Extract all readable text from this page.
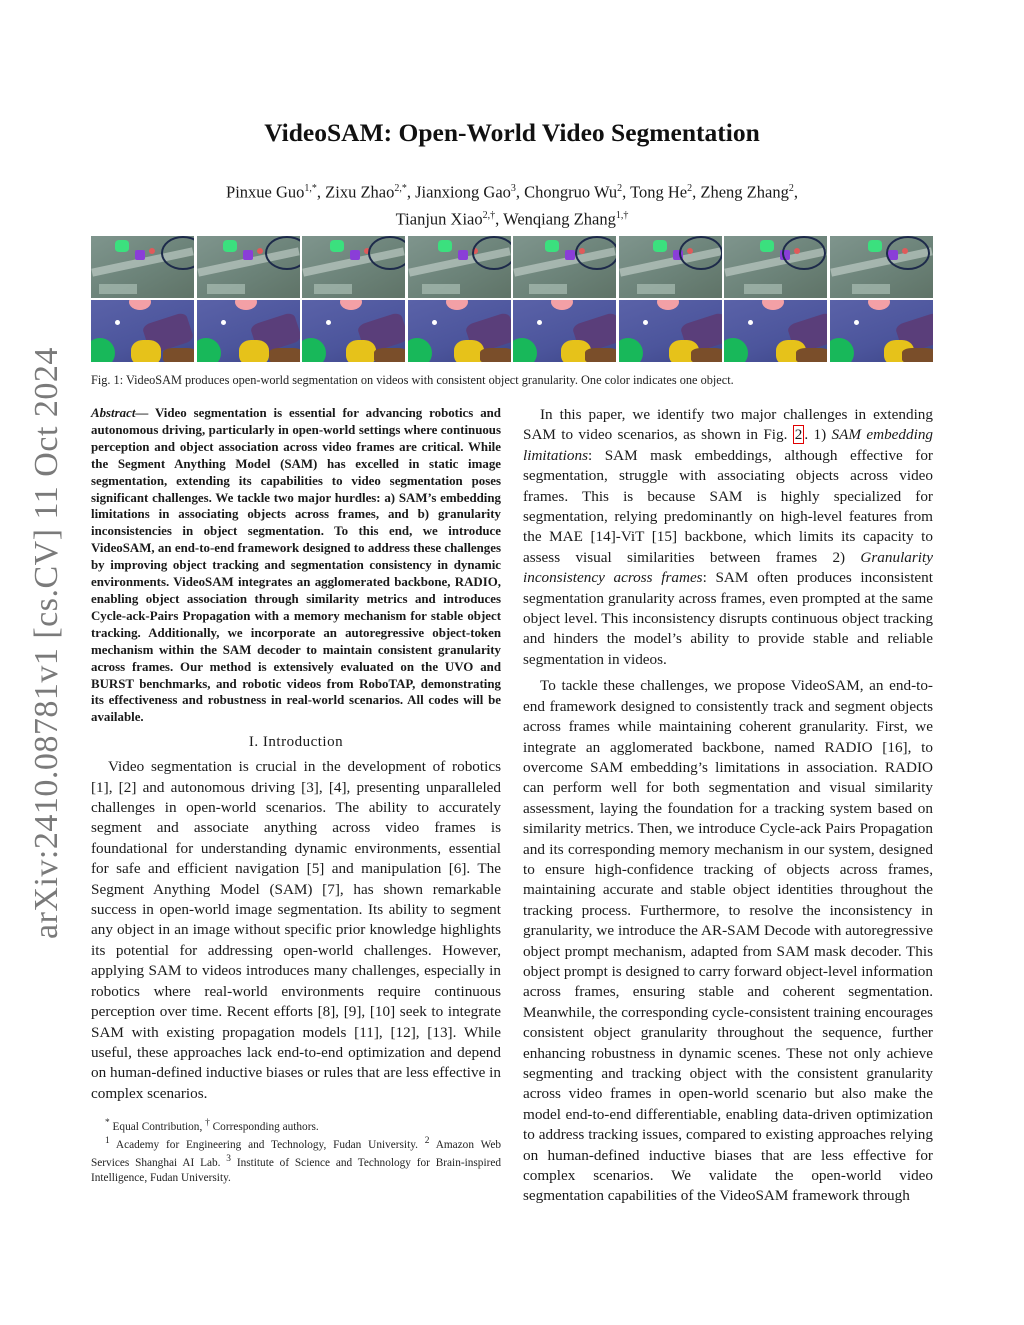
arXiv:2410.08781v1 [cs.CV] 11 Oct 2024
VideoSAM: Open-World Video Segmentation
Pinxue Guo$^{1,*}$, Zixu Zhao$^{2,*}$, Jianxiong Gao$^3$, Chongruo Wu$^2$, Tong He$^2$, Zheng Zhang$^2$,
Tianjun Xiao$^{2,\dagger}$, Wenqiang Zhang$^{1,\dagger}$
Fig. 1: VideoSAM produces open-world segmentation on videos with consistent object granularity. One color indicates one object.

Abstract— Video segmentation is essential for advancing robotics and autonomous driving, particularly in open-world settings where continuous perception and object association across video frames are critical. While the Segment Anything Model (SAM) has excelled in static image segmentation, extending its capabilities to video segmentation poses significant challenges. We tackle two major hurdles: a) SAM’s embedding limitations in associating objects across frames, and b) granularity inconsistencies in object segmentation. To this end, we introduce VideoSAM, an end-to-end framework designed to address these challenges by improving object tracking and segmentation consistency in dynamic environments. VideoSAM integrates an agglomerated backbone, RADIO, enabling object association through similarity metrics and introduces Cycle-ack-Pairs Propagation with a memory mechanism for stable object tracking. Additionally, we incorporate an autoregressive object-token mechanism within the SAM decoder to maintain consistent granularity across frames. Our method is extensively evaluated on the UVO and BURST benchmarks, and robotic videos from RoboTAP, demonstrating its effectiveness and robustness in real-world scenarios. All codes will be available.

I. Introduction

Video segmentation is crucial in the development of robotics [1], [2] and autonomous driving [3], [4], presenting unparalleled challenges in open-world scenarios. The ability to accurately segment and associate anything across video frames is foundational for understanding dynamic environments, essential for safe and efficient navigation [5] and manipulation [6]. The Segment Anything Model (SAM) [7], has shown remarkable success in open-world image segmentation. Its ability to segment any object in an image without specific prior knowledge highlights its potential for addressing open-world challenges. However, applying SAM to videos introduces many challenges, especially in robotics where real-world environments require continuous perception over time. Recent efforts [8], [9], [10] seek to integrate SAM with existing propagation models [11], [12], [13]. While useful, these approaches lack end-to-end optimization and depend on human-defined inductive biases or rules that are less effective in complex scenarios.

* Equal Contribution, † Corresponding authors.

$^1$ Academy for Engineering and Technology, Fudan University. $^2$ Amazon Web Services Shanghai AI Lab. $^3$ Institute of Science and Technology for Brain-inspired Intelligence, Fudan University.

In this paper, we identify two major challenges in extending SAM to video scenarios, as shown in Fig. 2 . 1) SAM embedding limitations: SAM mask embeddings, although effective for segmentation, struggle with associating objects across video frames. This is because SAM is highly specialized for segmentation, relying predominantly on high-level features from the MAE [14]-ViT [15] backbone, which limits its capacity to assess visual similarities between frames 2) Granularity inconsistency across frames: SAM often produces inconsistent segmentation granularity across frames, even prompted at the same object level. This inconsistency disrupts continuous object tracking and hinders the model’s ability to provide stable and reliable segmentation in videos.

To tackle these challenges, we propose VideoSAM, an end-to-end framework designed to consistently track and segment objects across frames while maintaining coherent granularity. First, we integrate an agglomerated backbone, named RADIO [16], to overcome SAM embedding’s limitations in association. RADIO can perform well for both segmentation and visual similarity assessment, laying the foundation for a tracking system based on similarity metrics. Then, we introduce Cycle-ack Pairs Propagation and its corresponding memory mechanism in our system, designed to ensure high-confidence tracking of objects across frames, maintaining accurate and stable object identities throughout the tracking process. Furthermore, to resolve the inconsistency in granularity, we introduce the AR-SAM Decode with autoregressive object prompt mechanism, adapted from SAM mask decoder. This object prompt is designed to carry forward object-level information across frames, ensuring stable and coherent segmentation. Meanwhile, the corresponding cycle-consistent training encourages consistent object granularity throughout the sequence, further enhancing robustness in dynamic scenes. These not only achieve segmenting and tracking object with the consistent granularity across video frames in open-world scenario but also make the model end-to-end differentiable, enabling data-driven optimization to address tracking issues, compared to existing approaches relying on human-defined inductive biases that are less effective for complex scenarios. We validate the open-world video segmentation capabilities of the VideoSAM framework through
